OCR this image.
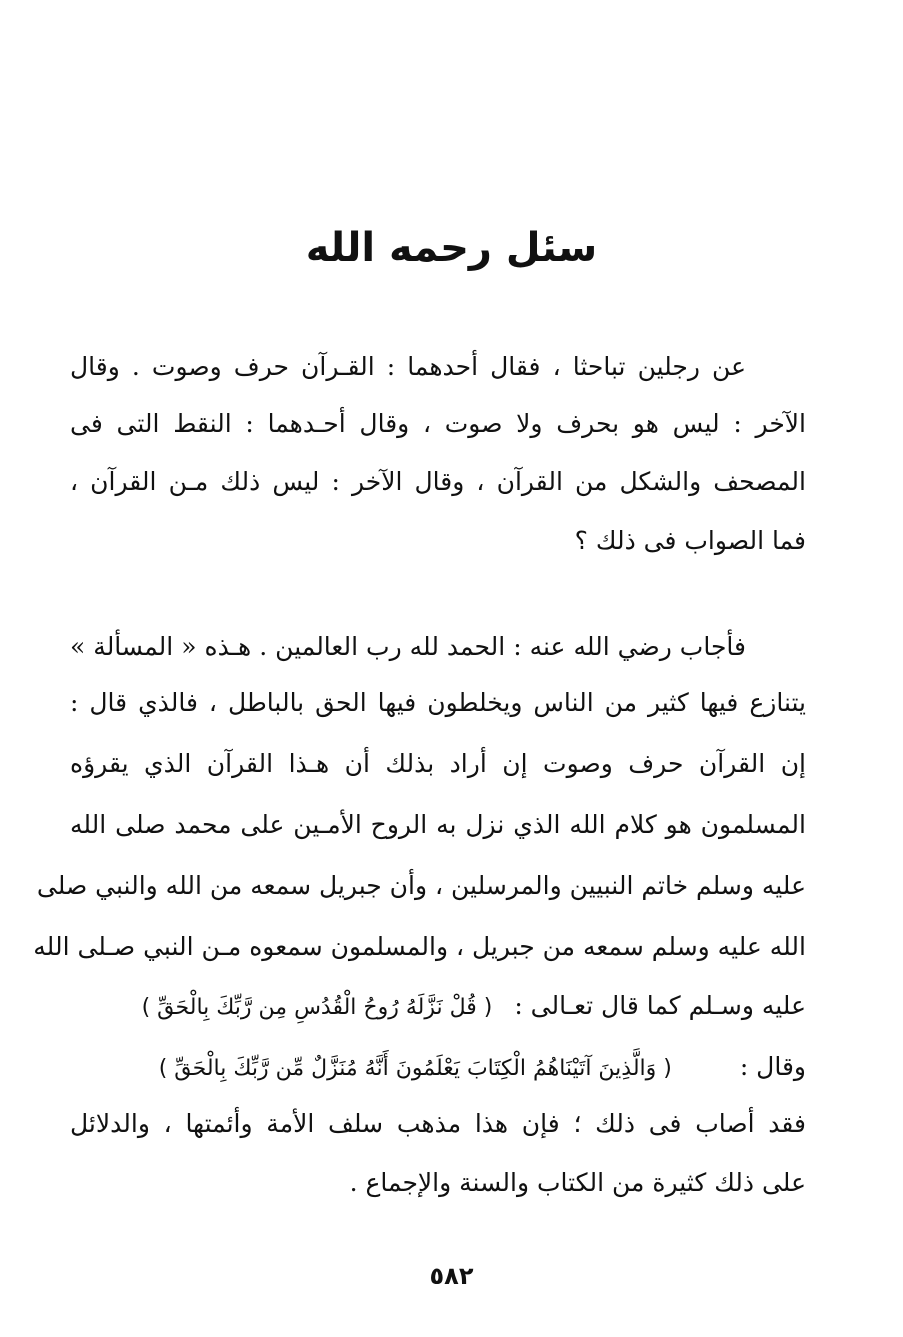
سئل رحمه الله
عن رجلين تباحثا ، فقال أحدهما : القـرآن حرف وصوت . وقال
الآخر : ليس هو بحرف ولا صوت ، وقال أحـدهما : النقط التى فى
المصحف والشكل من القرآن ، وقال الآخر : ليس ذلك مـن القرآن ،
فما الصواب فى ذلك ؟
فأجاب رضي الله عنه : الحمد لله رب العالمين . هـذه « المسألة »
يتنازع فيها كثير من الناس ويخلطون فيها الحق بالباطل ، فالذي قال :
إن القرآن حرف وصوت إن أراد بذلك أن هـذا القرآن الذي يقرؤه
المسلمون هو كلام الله الذي نزل به الروح الأمـين على محمد صلى الله
عليه وسلم خاتم النبيين والمرسلين ، وأن جبريل سمعه من الله والنبي صلى
الله عليه وسلم سمعه من جبريل ، والمسلمون سمعوه مـن النبي صـلى الله
عليه وسـلم كما قال تعـالى : ( قُلْ نَزَّلَهُ رُوحُ الْقُدُسِ مِن رَّبِّكَ بِالْحَقِّ )
وقال : ( وَالَّذِينَ آتَيْنَاهُمُ الْكِتَابَ يَعْلَمُونَ أَنَّهُ مُنَزَّلٌ مِّن رَّبِّكَ بِالْحَقِّ )
فقد أصاب فى ذلك ؛ فإن هذا مذهب سلف الأمة وأئمتها ، والدلائل
على ذلك كثيرة من الكتاب والسنة والإجماع .
٥٨٢
